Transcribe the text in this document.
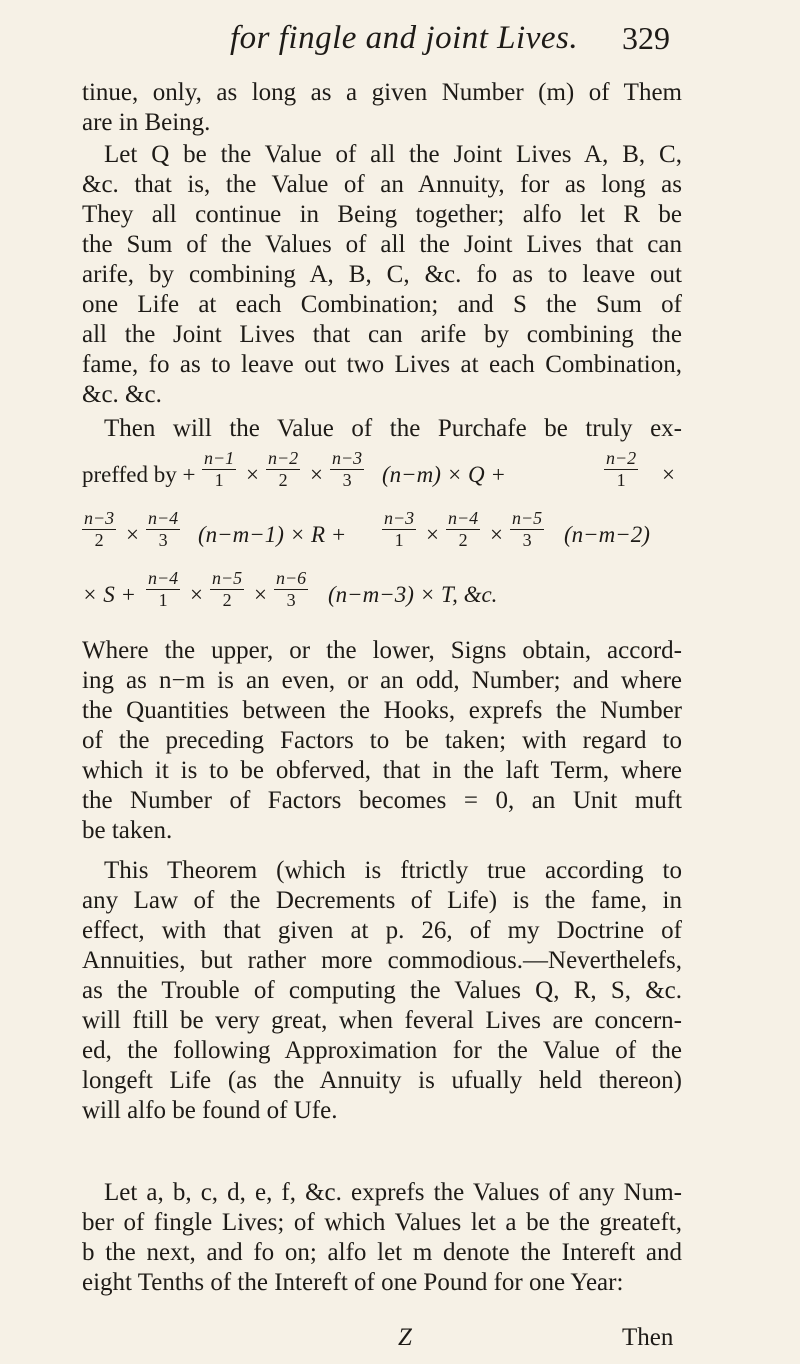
for fingle and joint Lives. 329
tinue, only, as long as a given Number (m) of Them
are in Being.
Let Q be the Value of all the Joint Lives A, B, C,
&c. that is, the Value of an Annuity, for as long as
They all continue in Being together; alfo let R be
the Sum of the Values of all the Joint Lives that can
arife, by combining A, B, C, &c. fo as to leave out
one Life at each Combination; and S the Sum of
all the Joint Lives that can arife by combining the
fame, fo as to leave out two Lives at each Combination,
&c. &c.
Then will the Value of the Purchafe be truly ex-
preffed by + $\frac{n-1}{1} \times \frac{n-2}{2} \times \frac{n-3}{3} (n-m) \times Q$ +	$\frac{n-2}{1}$ ×
$\frac{n-3}{2} \times \frac{n-4}{3} (n-m-1) \times R + \frac{n-3}{1} \times \frac{n-4}{2} \times \frac{n-5}{3} (n-m-2)$
× $S + \frac{n-4}{1} \times \frac{n-5}{2} \times \frac{n-6}{3} (n-m-3) \times T$, &c.
Where the upper, or the lower, Signs obtain, accord-
ing as n−m is an even, or an odd, Number; and where
the Quantities between the Hooks, exprefs the Number
of the preceding Factors to be taken; with regard to
which it is to be obferved, that in the laft Term, where
the Number of Factors becomes = 0, an Unit muft
be taken.
This Theorem (which is ftrictly true according to
any Law of the Decrements of Life) is the fame, in
effect, with that given at p. 26, of my Doctrine of
Annuities, but rather more commodious.—Neverthelefs,
as the Trouble of computing the Values Q, R, S, &c.
will ftill be very great, when feveral Lives are concern-
ed, the following Approximation for the Value of the
longeft Life (as the Annuity is ufually held thereon)
will alfo be found of Ufe.
Let a, b, c, d, e, f, &c. exprefs the Values of any Num-
ber of fingle Lives; of which Values let a be the greateft,
b the next, and fo on; alfo let m denote the Intereft and
eight Tenths of the Intereft of one Pound for one Year:
Z	Then
